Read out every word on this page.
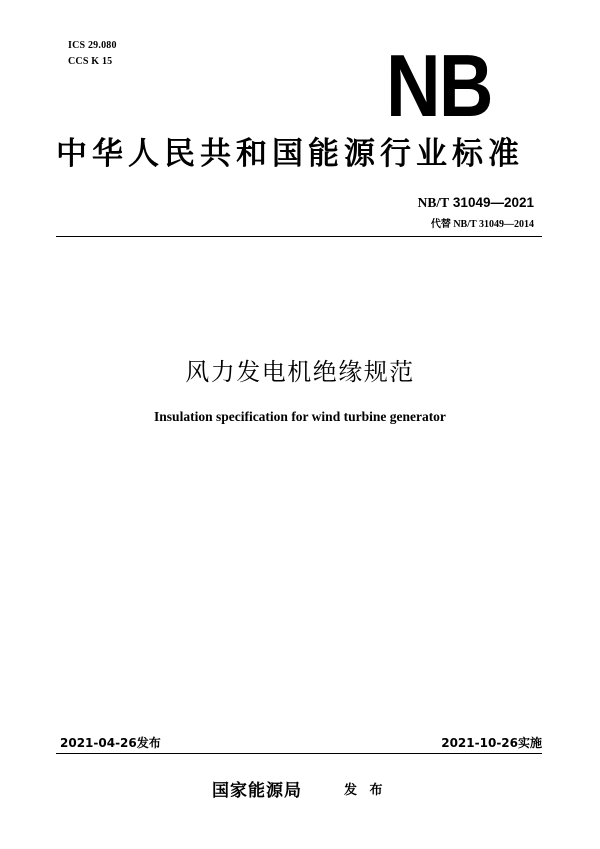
ICS 29.080
CCS K 15	NB
中华人民共和国能源行业标准
NB/T 31049—2021
代替 NB/T 31049—2014
风力发电机绝缘规范
Insulation specification for wind turbine generator
2021-04-26发布	2021-10-26实施
国家能源局	发 布
